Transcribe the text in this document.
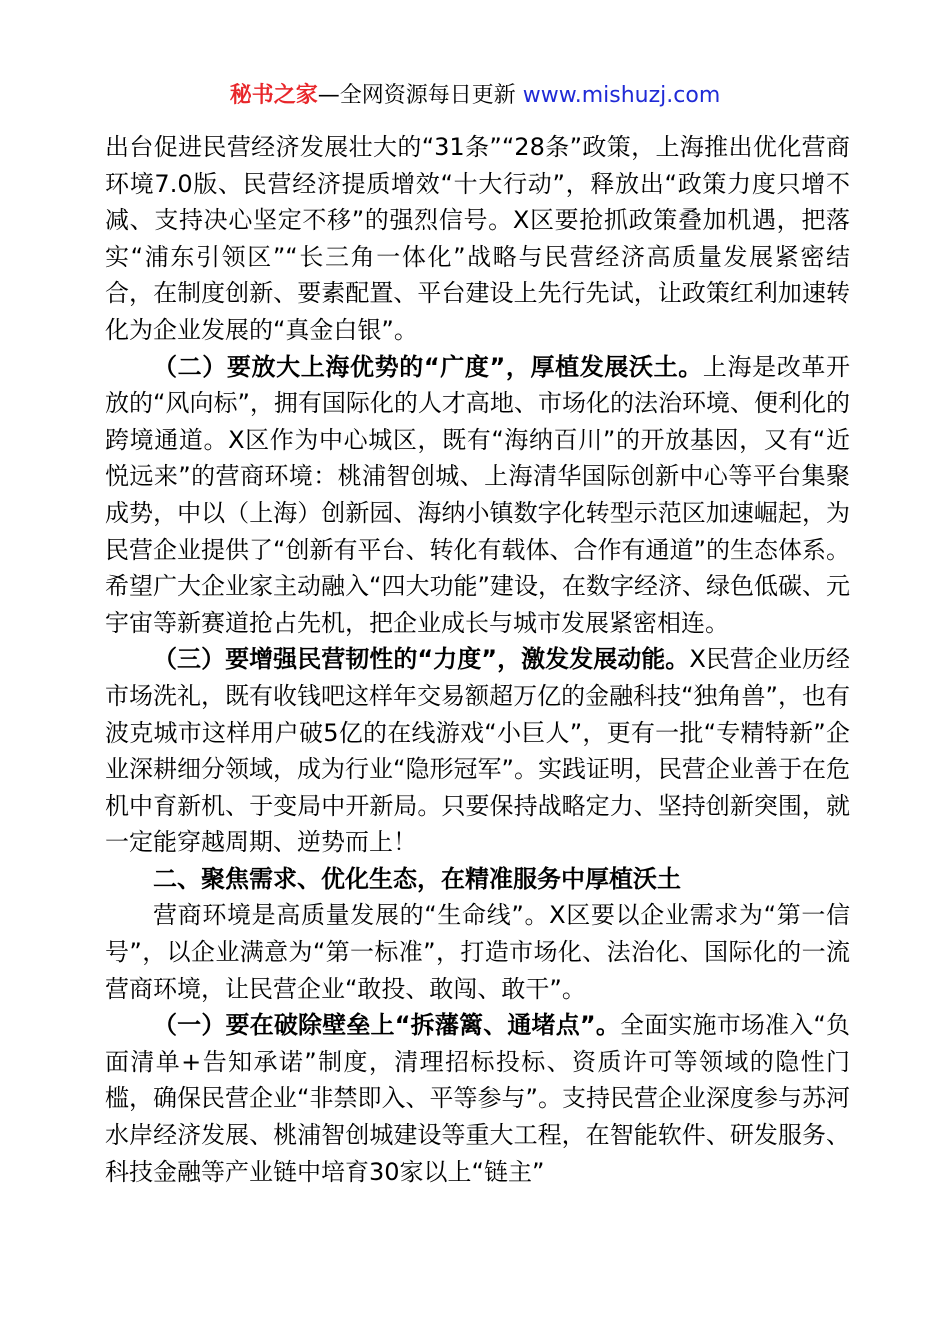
秘书之家—全网资源每日更新 www.mishuzj.com

出台促进民营经济发展壮大的“31条”“28条”政策，上海推出优化营商环境7.0版、民营经济提质增效“十大行动”，释放出“政策力度只增不减、支持决心坚定不移”的强烈信号。X区要抢抓政策叠加机遇，把落实“浦东引领区”“长三角一体化”战略与民营经济高质量发展紧密结合，在制度创新、要素配置、平台建设上先行先试，让政策红利加速转化为企业发展的“真金白银”。

（二）要放大上海优势的“广度”，厚植发展沃土。上海是改革开放的“风向标”，拥有国际化的人才高地、市场化的法治环境、便利化的跨境通道。X区作为中心城区，既有“海纳百川”的开放基因，又有“近悦远来”的营商环境：桃浦智创城、上海清华国际创新中心等平台集聚成势，中以（上海）创新园、海纳小镇数字化转型示范区加速崛起，为民营企业提供了“创新有平台、转化有载体、合作有通道”的生态体系。希望广大企业家主动融入“四大功能”建设，在数字经济、绿色低碳、元宇宙等新赛道抢占先机，把企业成长与城市发展紧密相连。

（三）要增强民营韧性的“力度”，激发发展动能。X民营企业历经市场洗礼，既有收钱吧这样年交易额超万亿的金融科技“独角兽”，也有波克城市这样用户破5亿的在线游戏“小巨人”，更有一批“专精特新”企业深耕细分领域，成为行业“隐形冠军”。实践证明，民营企业善于在危机中育新机、于变局中开新局。只要保持战略定力、坚持创新突围，就一定能穿越周期、逆势而上！

二、聚焦需求、优化生态，在精准服务中厚植沃土

营商环境是高质量发展的“生命线”。X区要以企业需求为“第一信号”，以企业满意为“第一标准”，打造市场化、法治化、国际化的一流营商环境，让民营企业“敢投、敢闯、敢干”。

（一）要在破除壁垒上“拆藩篱、通堵点”。全面实施市场准入“负面清单+告知承诺”制度，清理招标投标、资质许可等领域的隐性门槛，确保民营企业“非禁即入、平等参与”。支持民营企业深度参与苏河水岸经济发展、桃浦智创城建设等重大工程，在智能软件、研发服务、科技金融等产业链中培育30家以上“链主”
